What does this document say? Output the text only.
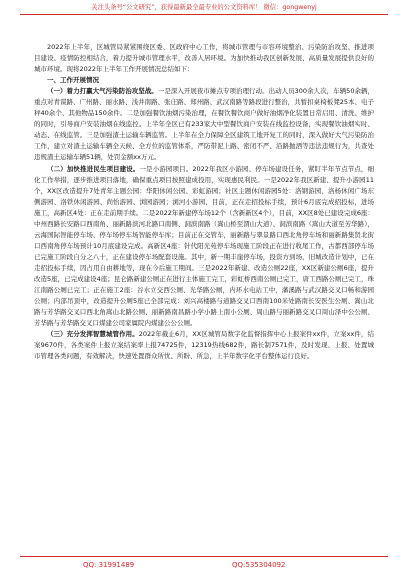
关注头条号“公文研究”，获得最新最全最专业的公文资料库！ 微信：gongwenyj

2022年上半年，区城管局紧紧围绕区委、区政府中心工作，将城市管理与市容环境整治、污染防治攻坚、推进项目建设、疫情防控相结合，着力提升城市管理水平，改善人居环境。为加快推动我区创新发展、高质量发展提供良好的城市环境。现将2022年上半年工作开展情况总结如下：

一、工作开展情况

（一）着力打赢大气污染防治攻坚战。一是深入开展夜市摊点专项治理行动。出动人员300余人次，车辆50余辆，重点对青谋路、广州路、丽水路、浅井南路、张庄路、郑州路、武汉南路等路段进行整治，共暂扣桌椅板凳25本、电子秤40余个、其他物品150余件。二是加强餐饮油烟污染治理，在餐饮餐饮商户做好油烟净化装置日常启用、清洗、维护的同时，引导商户安装油烟在线监控。上半年全区已有233家大中型餐饮商户安装在线监控设备，实现餐饮油烟实时、动态、在线监管。三是加强渣土运输车辆监管。上半年在全力保障全区建筑工地开复工的同时，深入做好大气污染防治工作，建立对渣土运输车辆全天候、全方位的监管体系，严防带泥上路、密闭不严、沿路抛洒等违法违规行为，共查处违规渣土运输车辆51辆，处罚金额xx万元。

（二）加快推进民生项目建设。一是小游园项目。2022年我区小游园、停车场建设任务，紧盯半年节点节点，细化工作举措，逐步推进项目落地，确保重点项目按照建成投用，实现惠民利民。一是2022年我区新建、提升小游园11个，XX区改造提升7处青年主题公园：华阳休闲公园、彩虹游园；社区主题休闲游园5处：洛钢游园、洛杨休闲广场东侧游园、洛铁休闲游园、尚怡游园、浏园游园；浏河小游园、目前，正在走招投标手续，预计6月底完成招投标，进场施工，高新区4处：正在走前期手续。二是2022年新建停车场12个（含新新区4个），目前，XX区8处已建设完成6座：中州西路长安路口西南角、丽新路滨河北路口南侧、洞滨南路（嵩山桥至渭山大道）、洞滨南路（嵩山大道至芳华路），云海国际智能停车场、停车场停车场智能停车库；目前正在交管车，丽新路与翠景路口西北角停车场和丽新路集贤北街口西南角停车场预计10月底建设完成。高新区4座：针代阳光苑停车场现施工阶段正在进行收尾工作，古都西部停车场已完施工阶段自分之八十，正在建设停车场配套设施。其中，新一期丰崖停车场，投资方到场，旧城改造计划中，已在走招投标手续，因占用自由耕地等，现在今后施工期间。三是2022年新建、改造公厕22座，XX区新建公厕6座，提升改造5座，已完成建设4座；昆仑路新建公厕正在进行主体施工完工，彩虹桥西南公厕已完工，唐工西路公厕已完工，珠江南路公厕已完工；正在施工2座：谷水立交西公厕、光华路公厕，内环水电站工中，藩溪路与武汉路交叉口畅和游园公厕；内部吊顶中，改造提升公厕5座已全部完成：刘兴高楼路与道路交叉口西南100米处路南长安医生公厕、嵩山北路与芳华路交叉口西北角嵩山北路公厕、丽新路南昌路小学小路上南小公厕、周山路与丽新路交叉口周山泽中公公厕、芳华路与芳华路交叉口煤建公司家属院内煤建公公公厕。

（三）充分发挥智慧城管作用。2022年截止6月，XX区城管局数字化监督指挥中心上报案件xx件，立案xx件，结案9670件，各类案件上报立案结案率上报74725件，12319热线682件，路长制7571件，及时发现、上报、处置城市管理各类问题，有效解决，快速处置群众所忧、所盼、所急，上半年数字化平台整体运行良好。

QQ: 31991489	QQ:535304092
